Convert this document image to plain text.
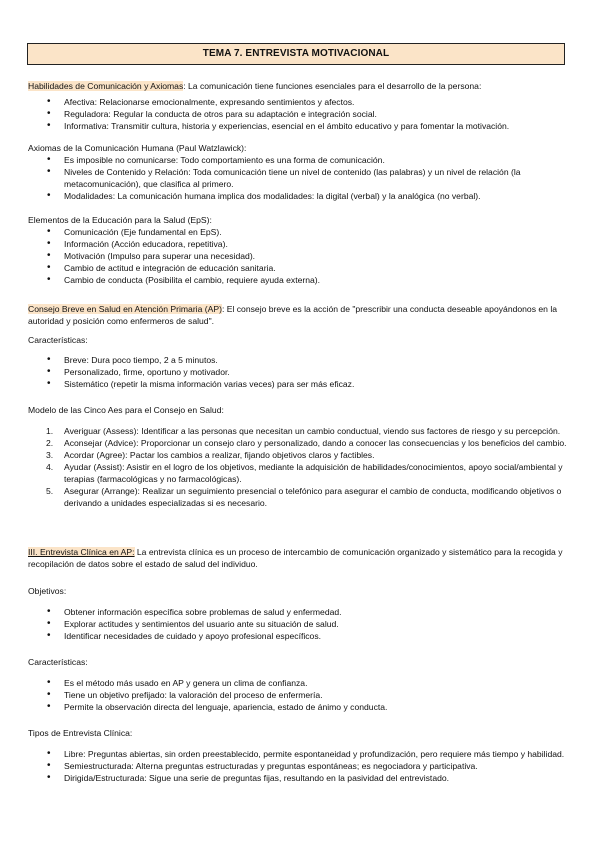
TEMA 7. ENTREVISTA MOTIVACIONAL

Habilidades de Comunicación y Axiomas: La comunicación tiene funciones esenciales para el desarrollo de la persona:

• Afectiva: Relacionarse emocionalmente, expresando sentimientos y afectos.
• Reguladora: Regular la conducta de otros para su adaptación e integración social.
• Informativa: Transmitir cultura, historia y experiencias, esencial en el ámbito educativo y para fomentar la motivación.

Axiomas de la Comunicación Humana (Paul Watzlawick):

• Es imposible no comunicarse: Todo comportamiento es una forma de comunicación.
• Niveles de Contenido y Relación: Toda comunicación tiene un nivel de contenido (las palabras) y un nivel de relación (la metacomunicación), que clasifica al primero.
• Modalidades: La comunicación humana implica dos modalidades: la digital (verbal) y la analógica (no verbal).

Elementos de la Educación para la Salud (EpS):

• Comunicación (Eje fundamental en EpS).
• Información (Acción educadora, repetitiva).
• Motivación (Impulso para superar una necesidad).
• Cambio de actitud e integración de educación sanitaria.
• Cambio de conducta (Posibilita el cambio, requiere ayuda externa).

Consejo Breve en Salud en Atención Primaria (AP): El consejo breve es la acción de "prescribir una conducta deseable apoyándonos en la autoridad y posición como enfermeros de salud".

Características:

• Breve: Dura poco tiempo, 2 a 5 minutos.
• Personalizado, firme, oportuno y motivador.
• Sistemático (repetir la misma información varias veces) para ser más eficaz.

Modelo de las Cinco Aes para el Consejo en Salud:

1. Averiguar (Assess): Identificar a las personas que necesitan un cambio conductual, viendo sus factores de riesgo y su percepción.
2. Aconsejar (Advice): Proporcionar un consejo claro y personalizado, dando a conocer las consecuencias y los beneficios del cambio.
3. Acordar (Agree): Pactar los cambios a realizar, fijando objetivos claros y factibles.
4. Ayudar (Assist): Asistir en el logro de los objetivos, mediante la adquisición de habilidades/conocimientos, apoyo social/ambiental y terapias (farmacológicas y no farmacológicas).
5. Asegurar (Arrange): Realizar un seguimiento presencial o telefónico para asegurar el cambio de conducta, modificando objetivos o derivando a unidades especializadas si es necesario.

III. Entrevista Clínica en AP: La entrevista clínica es un proceso de intercambio de comunicación organizado y sistemático para la recogida y recopilación de datos sobre el estado de salud del individuo.

Objetivos:

• Obtener información específica sobre problemas de salud y enfermedad.
• Explorar actitudes y sentimientos del usuario ante su situación de salud.
• Identificar necesidades de cuidado y apoyo profesional específicos.

Características:

• Es el método más usado en AP y genera un clima de confianza.
• Tiene un objetivo prefijado: la valoración del proceso de enfermería.
• Permite la observación directa del lenguaje, apariencia, estado de ánimo y conducta.

Tipos de Entrevista Clínica:

• Libre: Preguntas abiertas, sin orden preestablecido, permite espontaneidad y profundización, pero requiere más tiempo y habilidad.
• Semiestructurada: Alterna preguntas estructuradas y preguntas espontáneas; es negociadora y participativa.
• Dirigida/Estructurada: Sigue una serie de preguntas fijas, resultando en la pasividad del entrevistado.
